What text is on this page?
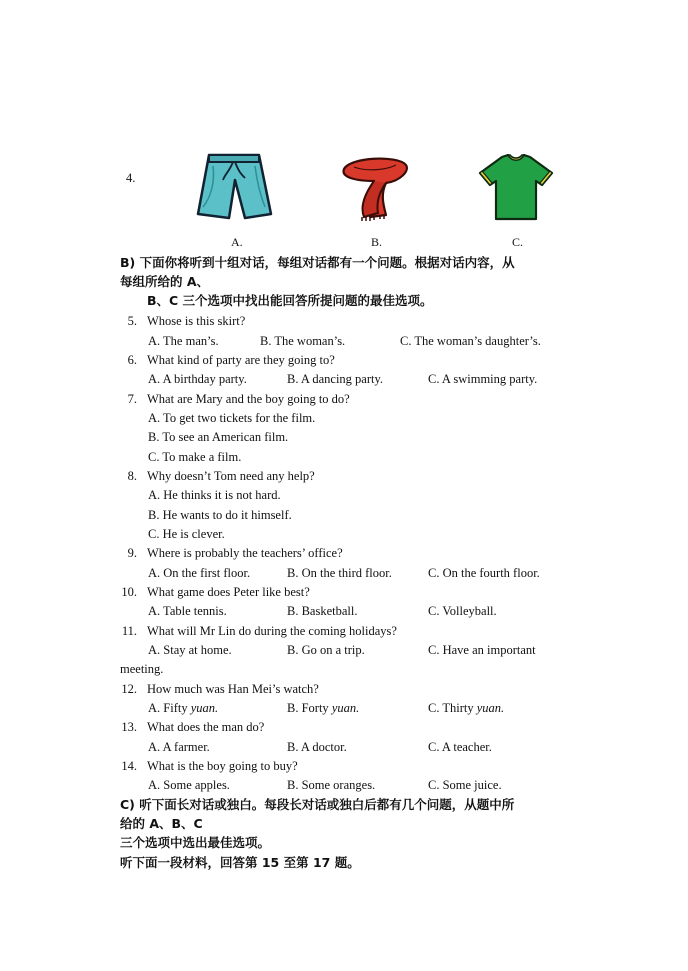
4.
A.	B.	C.
B) 下面你将听到十组对话，每组对话都有一个问题。根据对话内容，从
每组所给的 A、
B、C 三个选项中找出能回答所提问题的最佳选项。
5. Whose is this skirt?
A. The man’s.	B. The woman’s.	C. The woman’s daughter’s.
6. What kind of party are they going to?
A. A birthday party.	B. A dancing party.	C. A swimming party.
7. What are Mary and the boy going to do?
A. To get two tickets for the film.
B. To see an American film.
C. To make a film.
8. Why doesn’t Tom need any help?
A. He thinks it is not hard.
B. He wants to do it himself.
C. He is clever.
9. Where is probably the teachers’ office?
A. On the first floor.	B. On the third floor.	C. On the fourth floor.
10. What game does Peter like best?
A. Table tennis.	B. Basketball.	C. Volleyball.
11. What will Mr Lin do during the coming holidays?
A. Stay at home.	B. Go on a trip.	C. Have an important
meeting.
12. How much was Han Mei’s watch?
A. Fifty yuan.	B. Forty yuan.	C. Thirty yuan.
13. What does the man do?
A. A farmer.	B. A doctor.	C. A teacher.
14. What is the boy going to buy?
A. Some apples.	B. Some oranges.	C. Some juice.
C) 听下面长对话或独白。每段长对话或独白后都有几个问题，从题中所
给的 A、B、C
三个选项中选出最佳选项。
听下面一段材料，回答第 15 至第 17 题。
